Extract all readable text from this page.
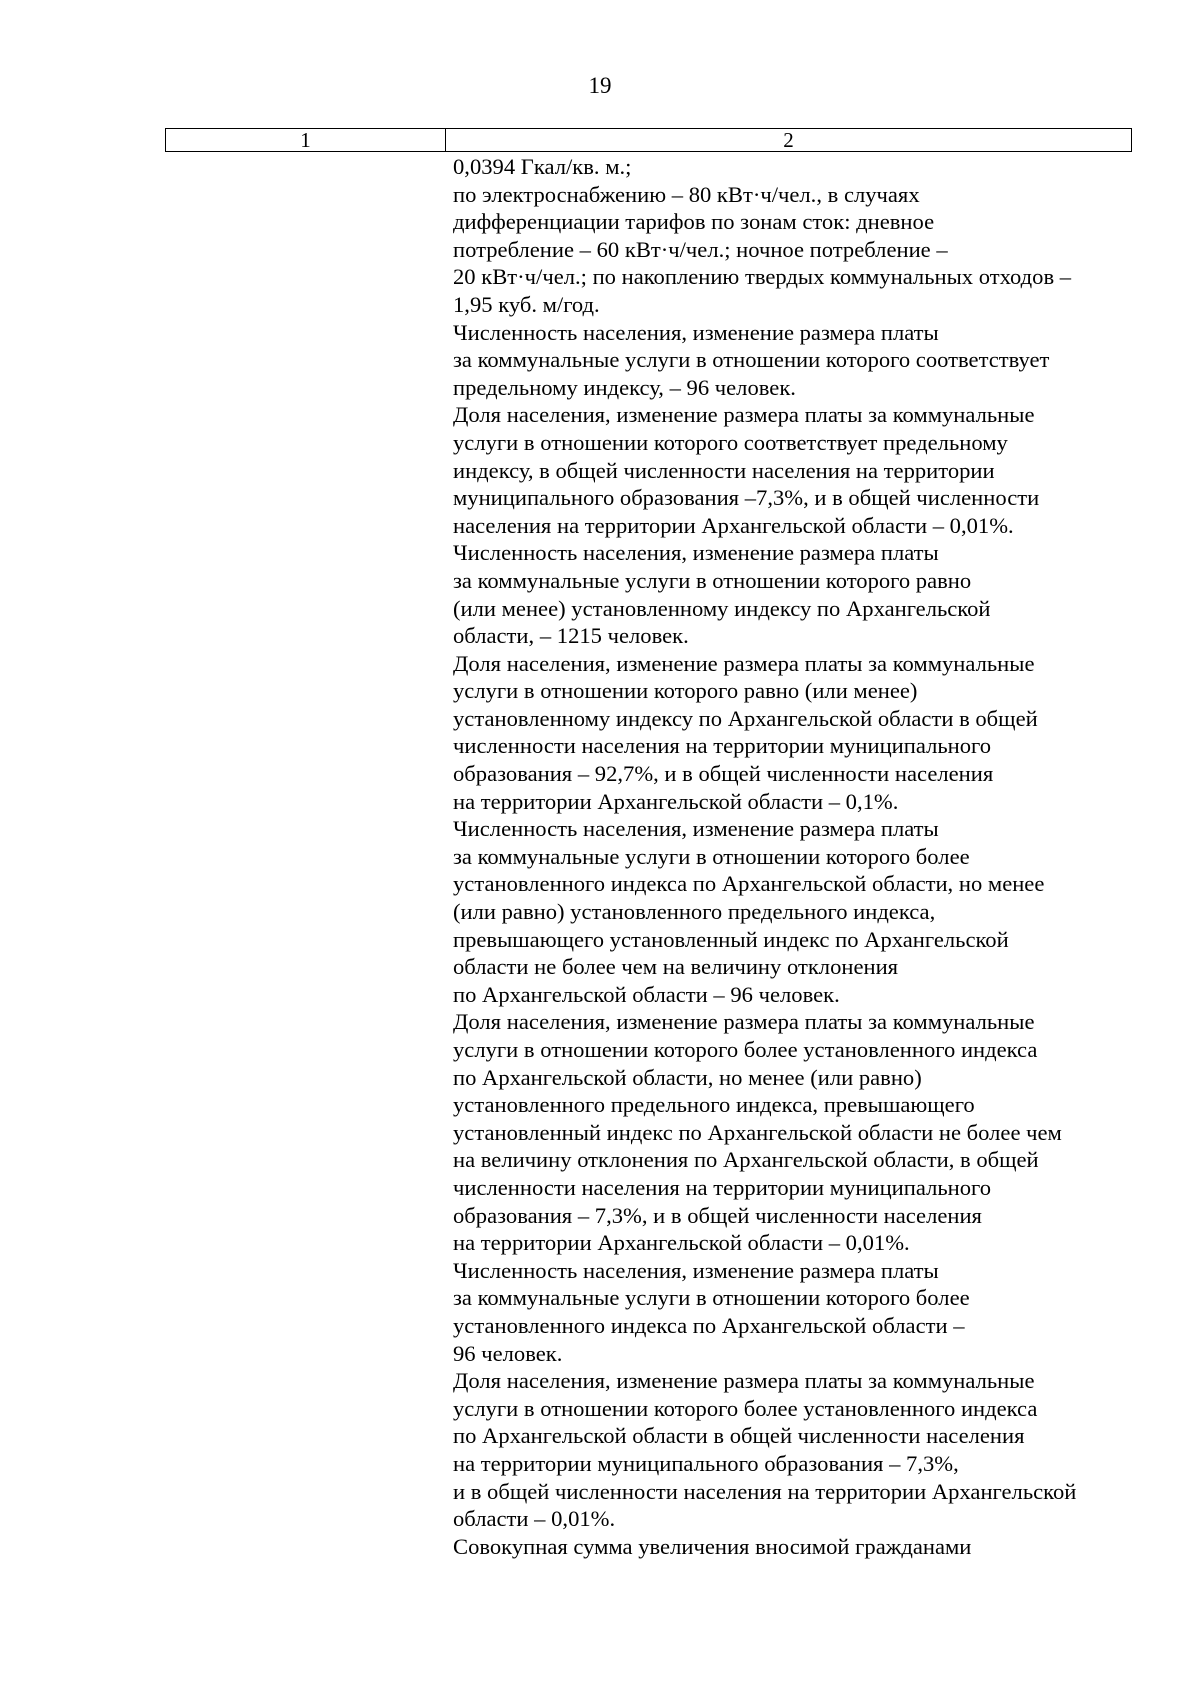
19
1	2
0,0394 Гкал/кв. м.;
по электроснабжению – 80 кВт·ч/чел., в случаях
дифференциации тарифов по зонам сток: дневное
потребление – 60 кВт·ч/чел.; ночное потребление –
20 кВт·ч/чел.; по накоплению твердых коммунальных отходов –
1,95 куб. м/год.
Численность населения, изменение размера платы
за коммунальные услуги в отношении которого соответствует
предельному индексу, – 96 человек.
Доля населения, изменение размера платы за коммунальные
услуги в отношении которого соответствует предельному
индексу, в общей численности населения на территории
муниципального образования –7,3%, и в общей численности
населения на территории Архангельской области – 0,01%.
Численность населения, изменение размера платы
за коммунальные услуги в отношении которого равно
(или менее) установленному индексу по Архангельской
области, – 1215 человек.
Доля населения, изменение размера платы за коммунальные
услуги в отношении которого равно (или менее)
установленному индексу по Архангельской области в общей
численности населения на территории муниципального
образования – 92,7%, и в общей численности населения
на территории Архангельской области – 0,1%.
Численность населения, изменение размера платы
за коммунальные услуги в отношении которого более
установленного индекса по Архангельской области, но менее
(или равно) установленного предельного индекса,
превышающего установленный индекс по Архангельской
области не более чем на величину отклонения
по Архангельской области – 96 человек.
Доля населения, изменение размера платы за коммунальные
услуги в отношении которого более установленного индекса
по Архангельской области, но менее (или равно)
установленного предельного индекса, превышающего
установленный индекс по Архангельской области не более чем
на величину отклонения по Архангельской области, в общей
численности населения на территории муниципального
образования – 7,3%, и в общей численности населения
на территории Архангельской области – 0,01%.
Численность населения, изменение размера платы
за коммунальные услуги в отношении которого более
установленного индекса по Архангельской области –
96 человек.
Доля населения, изменение размера платы за коммунальные
услуги в отношении которого более установленного индекса
по Архангельской области в общей численности населения
на территории муниципального образования – 7,3%,
и в общей численности населения на территории Архангельской
области – 0,01%.
Совокупная сумма увеличения вносимой гражданами
